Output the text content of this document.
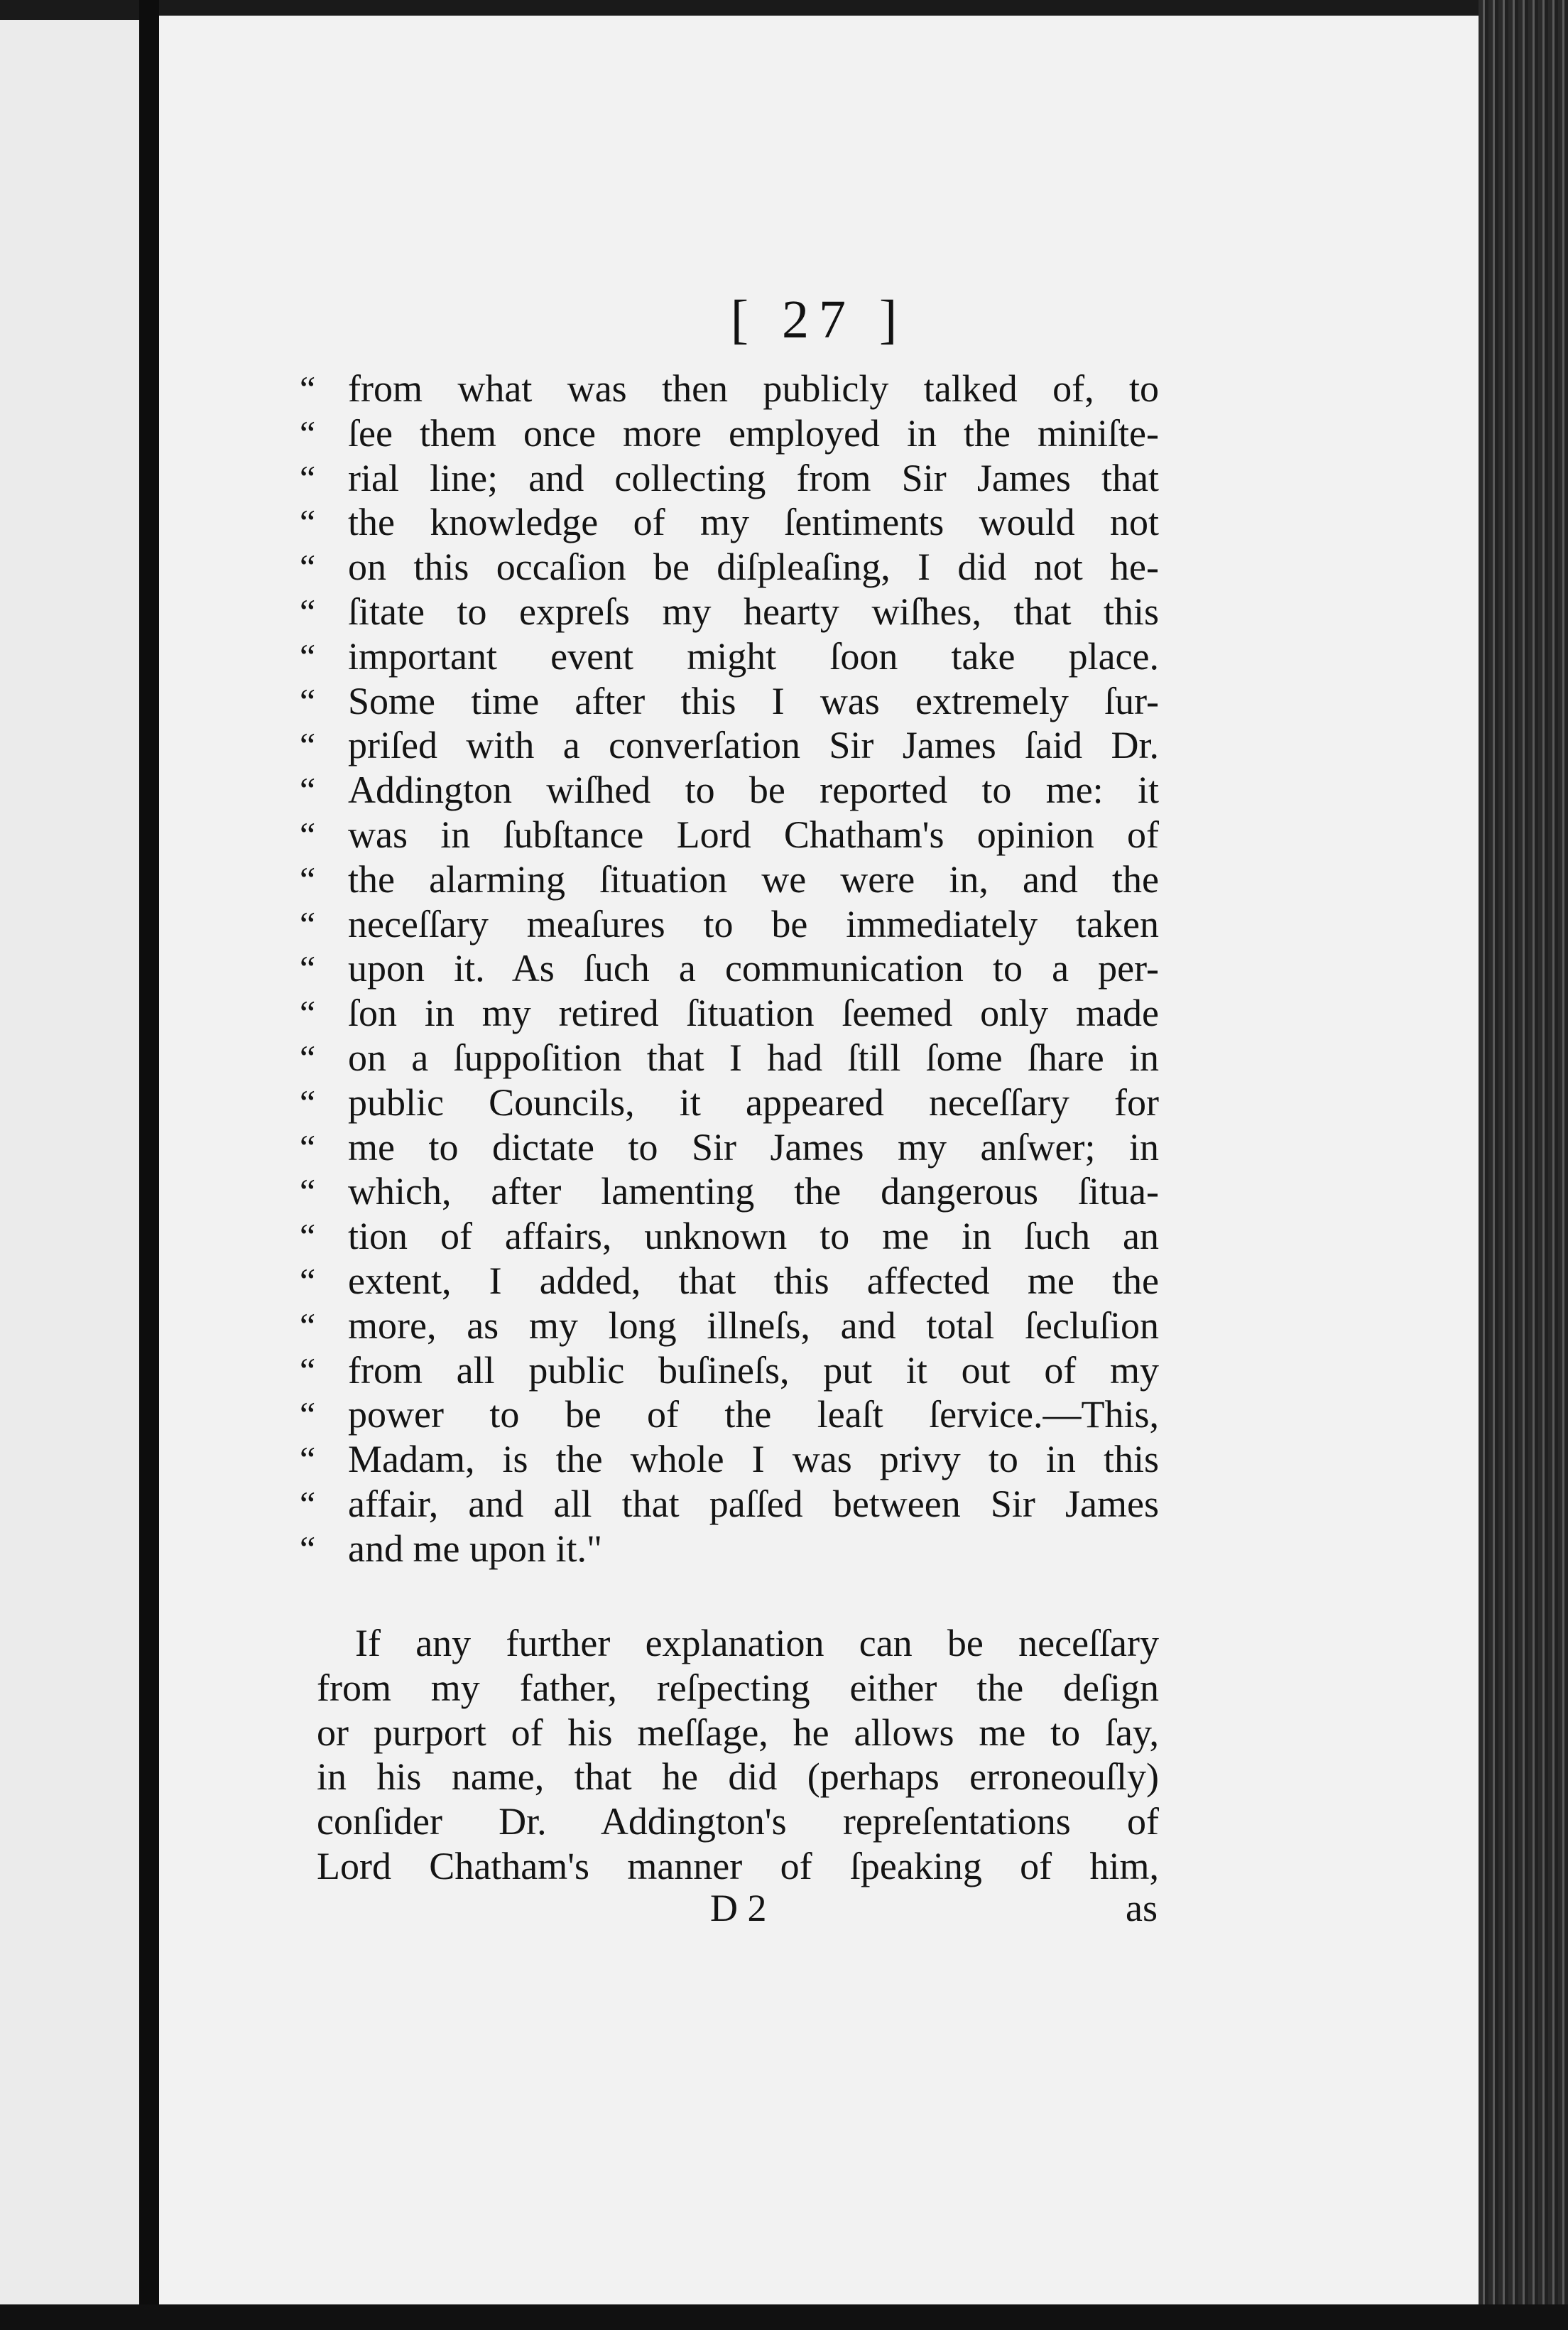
[ 27 ]
D 2	as
“ from what was then publicly talked of, to
“ ſee them once more employed in the miniſte-
“ rial line; and collecting from Sir James that
“ the knowledge of my ſentiments would not
“ on this occaſion be diſpleaſing, I did not he-
“ ſitate to expreſs my hearty wiſhes, that this
“ important event might ſoon take place.
“ Some time after this I was extremely ſur-
“ priſed with a converſation Sir James ſaid Dr.
“ Addington wiſhed to be reported to me: it
“ was in ſubſtance Lord Chatham's opinion of
“ the alarming ſituation we were in, and the
“ neceſſary meaſures to be immediately taken
“ upon it. As ſuch a communication to a per-
“ ſon in my retired ſituation ſeemed only made
“ on a ſuppoſition that I had ſtill ſome ſhare in
“ public Councils, it appeared neceſſary for
“ me to dictate to Sir James my anſwer; in
“ which, after lamenting the dangerous ſitua-
“ tion of affairs, unknown to me in ſuch an
“ extent, I added, that this affected me the
“ more, as my long illneſs, and total ſecluſion
“ from all public buſineſs, put it out of my
“ power to be of the leaſt ſervice.—This,
“ Madam, is the whole I was privy to in this
“ affair, and all that paſſed between Sir James
“ and me upon it."
If any further explanation can be neceſſary
from my father, reſpecting either the deſign
or purport of his meſſage, he allows me to ſay,
in his name, that he did (perhaps erroneouſly)
conſider Dr. Addington's repreſentations of
Lord Chatham's manner of ſpeaking of him,
